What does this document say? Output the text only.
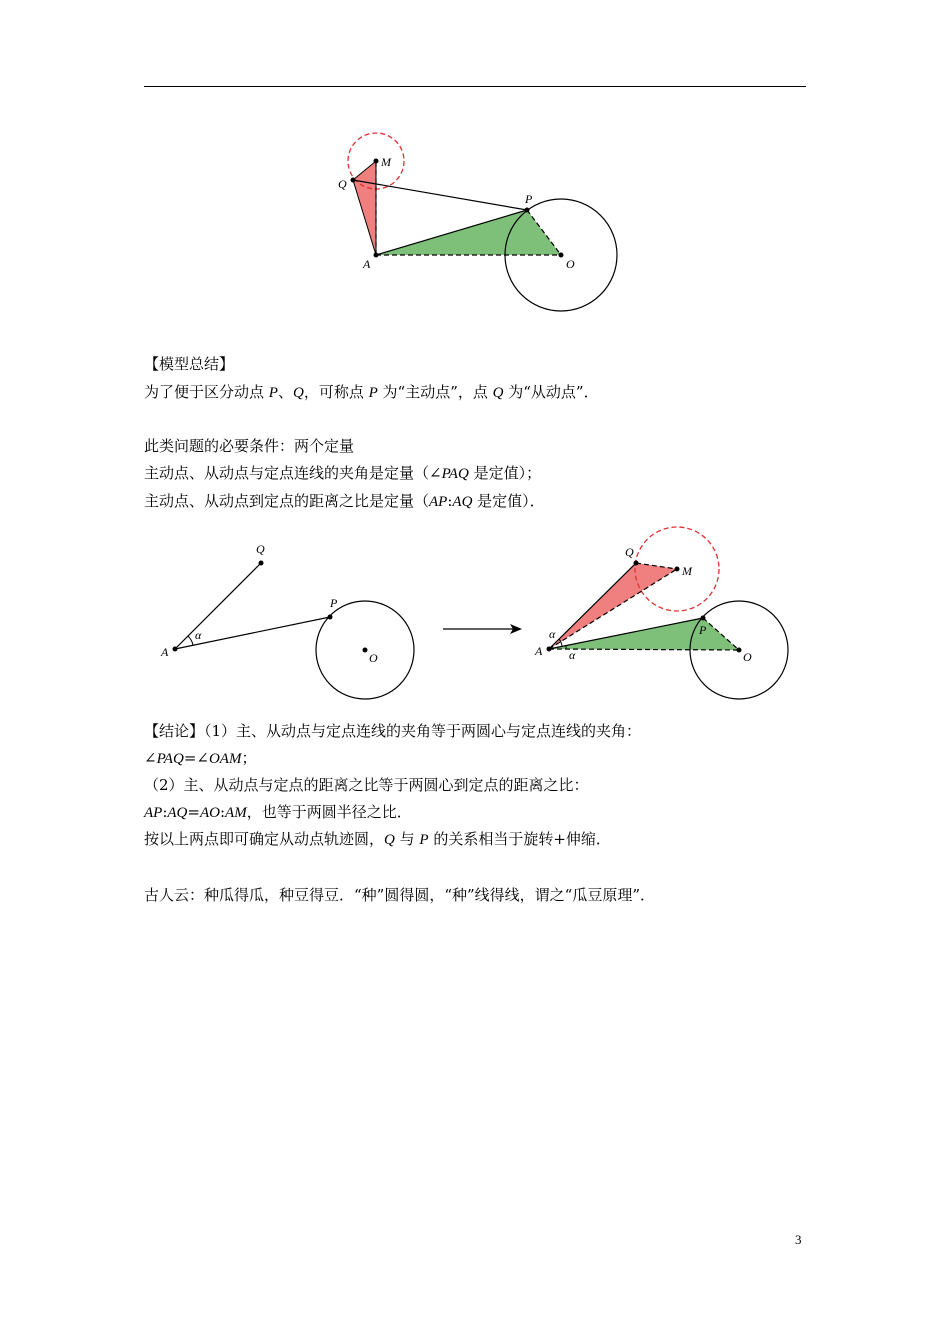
M
Q
P
A	O
【模型总结】
为了便于区分动点 P、Q，可称点 P 为“主动点”，点 Q 为“从动点”．
此类问题的必要条件：两个定量
主动点、从动点与定点连线的夹角是定量（∠PAQ 是定值）；
主动点、从动点到定点的距离之比是定量（AP:AQ 是定值）．
Q
P
A	O
α
Q
M
P
A	O
α
α
【结论】（1）主、从动点与定点连线的夹角等于两圆心与定点连线的夹角：
∠PAQ=∠OAM；
（2）主、从动点与定点的距离之比等于两圆心到定点的距离之比：
AP:AQ=AO:AM，也等于两圆半径之比．
按以上两点即可确定从动点轨迹圆，Q 与 P 的关系相当于旋转+伸缩．
古人云：种瓜得瓜，种豆得豆．“种”圆得圆，“种”线得线，谓之“瓜豆原理”．
3
